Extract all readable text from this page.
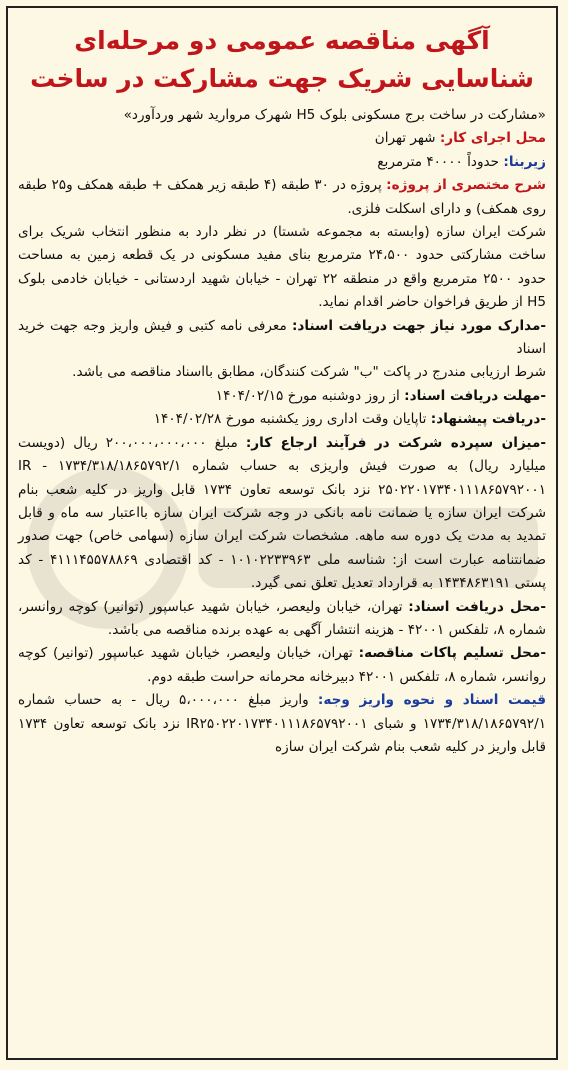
آگهی مناقصه عمومی دو مرحله‌ای
شناسایی شریک جهت مشارکت در ساخت

«مشارکت در ساخت برج مسکونی بلوک H5 شهرک مروارید شهر وردآورد»

محل اجرای کار: شهر تهران

زیربنا: حدوداً ۴۰۰۰۰ مترمربع

شرح مختصری از پروژه: پروژه در ۳۰ طبقه (۴ طبقه زیر همکف + طبقه همکف و۲۵ طبقه روی همکف) و دارای اسکلت فلزی.

شرکت ایران سازه (وابسته به مجموعه شستا) در نظر دارد به منظور انتخاب شریک برای ساخت مشارکتی حدود ۲۴،۵۰۰ مترمربع بنای مفید مسکونی در یک قطعه زمین به مساحت حدود ۲۵۰۰ مترمربع واقع در منطقه ۲۲ تهران - خیابان شهید اردستانی - خیابان خادمی بلوک H5 از طریق فراخوان حاضر اقدام نماید.

-مدارک مورد نیاز جهت دریافت اسناد: معرفی نامه کتبی و فیش واریز وجه جهت خرید اسناد

شرط ارزیابی مندرج در پاکت "ب" شرکت کنندگان، مطابق بااسناد مناقصه می باشد.

-مهلت دریافت اسناد: از روز دوشنبه مورخ ۱۴۰۴/۰۲/۱۵

-دریافت پیشنهاد: تاپایان وقت اداری روز یکشنبه مورخ ۱۴۰۴/۰۲/۲۸

-میزان سپرده شرکت در فرآیند ارجاع کار: مبلغ ۲۰۰،۰۰۰،۰۰۰،۰۰۰ ریال (دویست میلیارد ریال) به صورت فیش واریزی به حساب شماره ۱۷۳۴/۳۱۸/۱۸۶۵۷۹۲/۱ - IR ۲۵۰۲۲۰۱۷۳۴۰۱۱۱۸۶۵۷۹۲۰۰۱ نزد بانک توسعه تعاون ۱۷۳۴ قابل واریز در کلیه شعب بنام شرکت ایران سازه یا ضمانت نامه بانکی در وجه شرکت ایران سازه بااعتبار سه ماه و قابل تمدید به مدت یک دوره سه ماهه. مشخصات شرکت ایران سازه (سهامی خاص) جهت صدور ضمانتنامه عبارت است از: شناسه ملی ۱۰۱۰۲۲۳۳۹۶۳ - کد اقتصادی ۴۱۱۱۴۵۵۷۸۸۶۹ - کد پستی ۱۴۳۴۸۶۳۱۹۱ به قرارداد تعدیل تعلق نمی گیرد.

-محل دریافت اسناد: تهران، خیابان ولیعصر، خیابان شهید عباسپور (توانیر) کوچه روانسر، شماره ۸، تلفکس ۴۲۰۰۱ - هزینه انتشار آگهی به عهده برنده مناقصه می باشد.

-محل تسلیم پاکات مناقصه: تهران، خیابان ولیعصر، خیابان شهید عباسپور (توانیر) کوچه روانسر، شماره ۸، تلفکس ۴۲۰۰۱ دبیرخانه محرمانه حراست طبقه دوم.

قیمت اسناد و نحوه واریز وجه: واریز مبلغ ۵،۰۰۰،۰۰۰ ریال - به حساب شماره ۱۷۳۴/۳۱۸/۱۸۶۵۷۹۲/۱ و شبای IR۲۵۰۲۲۰۱۷۳۴۰۱۱۱۸۶۵۷۹۲۰۰۱ نزد بانک توسعه تعاون ۱۷۳۴ قابل واریز در کلیه شعب بنام شرکت ایران سازه
